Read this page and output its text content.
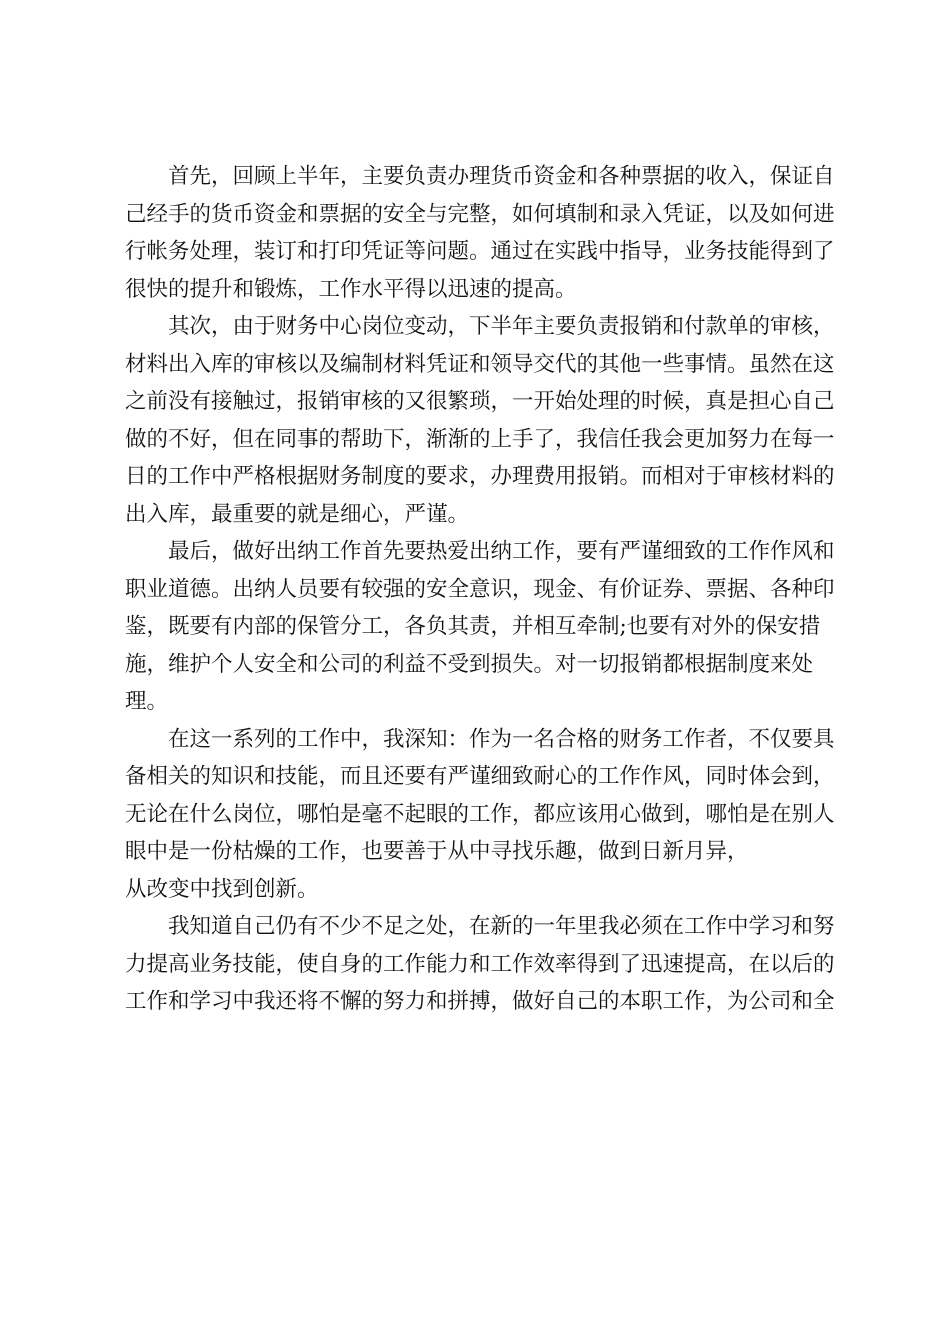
首先，回顾上半年，主要负责办理货币资金和各种票据的收入，保证自
己经手的货币资金和票据的安全与完整，如何填制和录入凭证，以及如何进
行帐务处理，装订和打印凭证等问题。通过在实践中指导，业务技能得到了
很快的提升和锻炼，工作水平得以迅速的提高。

其次，由于财务中心岗位变动，下半年主要负责报销和付款单的审核，
材料出入库的审核以及编制材料凭证和领导交代的其他一些事情。虽然在这
之前没有接触过，报销审核的又很繁琐，一开始处理的时候，真是担心自己
做的不好，但在同事的帮助下，渐渐的上手了，我信任我会更加努力在每一
日的工作中严格根据财务制度的要求，办理费用报销。而相对于审核材料的
出入库，最重要的就是细心，严谨。

最后，做好出纳工作首先要热爱出纳工作，要有严谨细致的工作作风和
职业道德。出纳人员要有较强的安全意识，现金、有价证券、票据、各种印
鉴，既要有内部的保管分工，各负其责，并相互牵制;也要有对外的保安措
施，维护个人安全和公司的利益不受到损失。对一切报销都根据制度来处
理。

在这一系列的工作中，我深知：作为一名合格的财务工作者，不仅要具
备相关的知识和技能，而且还要有严谨细致耐心的工作作风，同时体会到，
无论在什么岗位，哪怕是毫不起眼的工作，都应该用心做到，哪怕是在别人
眼中是一份枯燥的工作，也要善于从中寻找乐趣，做到日新月异，
从改变中找到创新。

我知道自己仍有不少不足之处，在新的一年里我必须在工作中学习和努
力提高业务技能，使自身的工作能力和工作效率得到了迅速提高，在以后的
工作和学习中我还将不懈的努力和拼搏，做好自己的本职工作，为公司和全
